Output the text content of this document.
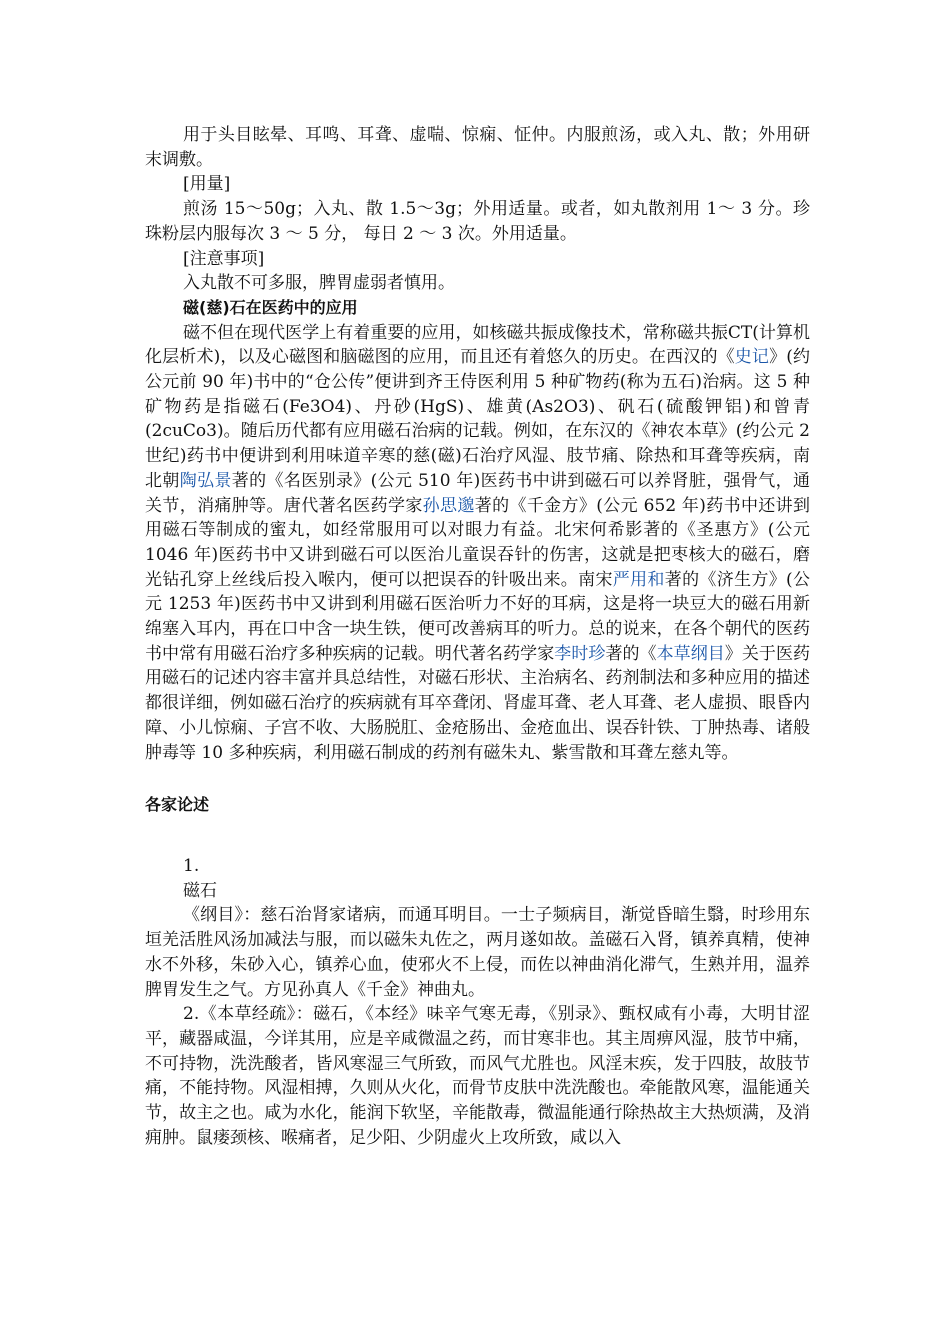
用于头目眩晕、耳鸣、耳聋、虚喘、惊痫、怔仲。内服煎汤，或入丸、散；外用研末调敷。
[用量]
煎汤 15～50g；入丸、散 1.5～3g；外用适量。或者，如丸散剂用 1～ 3 分。珍珠粉层内服每次 3 ～ 5 分， 每日 2 ～ 3 次。外用适量。
[注意事项]
入丸散不可多服，脾胃虚弱者慎用。
磁(慈)石在医药中的应用
磁不但在现代医学上有着重要的应用，如核磁共振成像技术，常称磁共振CT(计算机化层析术)，以及心磁图和脑磁图的应用，而且还有着悠久的历史。在西汉的《史记》(约公元前 90 年)书中的“仓公传”便讲到齐王侍医利用 5 种矿物药(称为五石)治病。这 5 种矿物药是指磁石(Fe3O4)、丹砂(HgS)、雄黄(As2O3)、矾石(硫酸钾铝)和曾青(2cuCo3)。随后历代都有应用磁石治病的记载。例如，在东汉的《神农本草》(约公元 2 世纪)药书中便讲到利用味道辛寒的慈(磁)石治疗风湿、肢节痛、除热和耳聋等疾病，南北朝陶弘景著的《名医别录》(公元 510 年)医药书中讲到磁石可以养肾脏，强骨气，通关节，消痛肿等。唐代著名医药学家孙思邈著的《千金方》(公元 652 年)药书中还讲到用磁石等制成的蜜丸，如经常服用可以对眼力有益。北宋何希影著的《圣惠方》(公元 1046 年)医药书中又讲到磁石可以医治儿童误吞针的伤害，这就是把枣核大的磁石，磨光钻孔穿上丝线后投入喉内，便可以把误吞的针吸出来。南宋严用和著的《济生方》(公元 1253 年)医药书中又讲到利用磁石医治听力不好的耳病，这是将一块豆大的磁石用新绵塞入耳内，再在口中含一块生铁，便可改善病耳的听力。总的说来，在各个朝代的医药书中常有用磁石治疗多种疾病的记载。明代著名药学家李时珍著的《本草纲目》关于医药用磁石的记述内容丰富并具总结性，对磁石形状、主治病名、药剂制法和多种应用的描述都很详细，例如磁石治疗的疾病就有耳卒聋闭、肾虚耳聋、老人耳聋、老人虚损、眼昏内障、小儿惊痫、子宫不收、大肠脱肛、金疮肠出、金疮血出、误吞针铁、丁肿热毒、诸般肿毒等 10 多种疾病，利用磁石制成的药剂有磁朱丸、紫雪散和耳聋左慈丸等。
各家论述
1.
磁石
《纲目》：慈石治肾家诸病，而通耳明目。一士子频病目，渐觉昏暗生翳，时珍用东垣羌活胜风汤加减法与服，而以磁朱丸佐之，两月遂如故。盖磁石入肾，镇养真精，使神水不外移，朱砂入心，镇养心血，使邪火不上侵，而佐以神曲消化滞气，生熟并用，温养脾胃发生之气。方见孙真人《千金》神曲丸。
2.《本草经疏》：磁石，《本经》味辛气寒无毒，《别录》、甄权咸有小毒，大明甘涩平，藏器咸温，今详其用，应是辛咸微温之药，而甘寒非也。其主周痹风湿，肢节中痛，不可持物，洗洗酸者，皆风寒湿三气所致，而风气尤胜也。风淫末疾，发于四肢，故肢节痛，不能持物。风湿相搏，久则从火化，而骨节皮肤中洗洗酸也。牵能散风寒，温能通关节，故主之也。咸为水化，能润下软坚，辛能散毒，微温能通行除热故主大热烦满，及消痈肿。鼠瘘颈核、喉痛者，足少阳、少阴虚火上攻所致，咸以入
